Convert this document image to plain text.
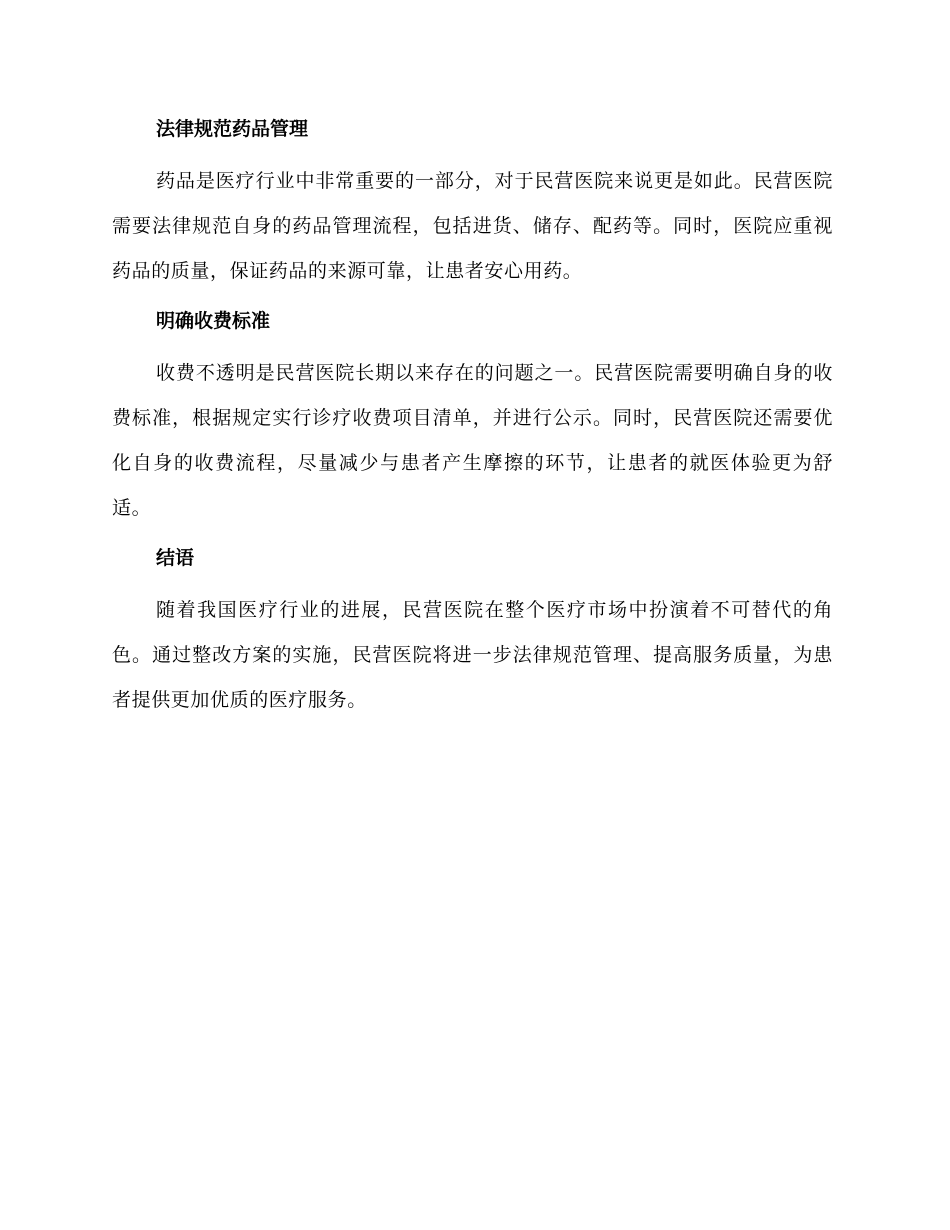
法律规范药品管理

药品是医疗行业中非常重要的一部分，对于民营医院来说更是如此。民营医院需要法律规范自身的药品管理流程，包括进货、储存、配药等。同时，医院应重视药品的质量，保证药品的来源可靠，让患者安心用药。

明确收费标准

收费不透明是民营医院长期以来存在的问题之一。民营医院需要明确自身的收费标准，根据规定实行诊疗收费项目清单，并进行公示。同时，民营医院还需要优化自身的收费流程，尽量减少与患者产生摩擦的环节，让患者的就医体验更为舒适。

结语

随着我国医疗行业的进展，民营医院在整个医疗市场中扮演着不可替代的角色。通过整改方案的实施，民营医院将进一步法律规范管理、提高服务质量，为患者提供更加优质的医疗服务。
